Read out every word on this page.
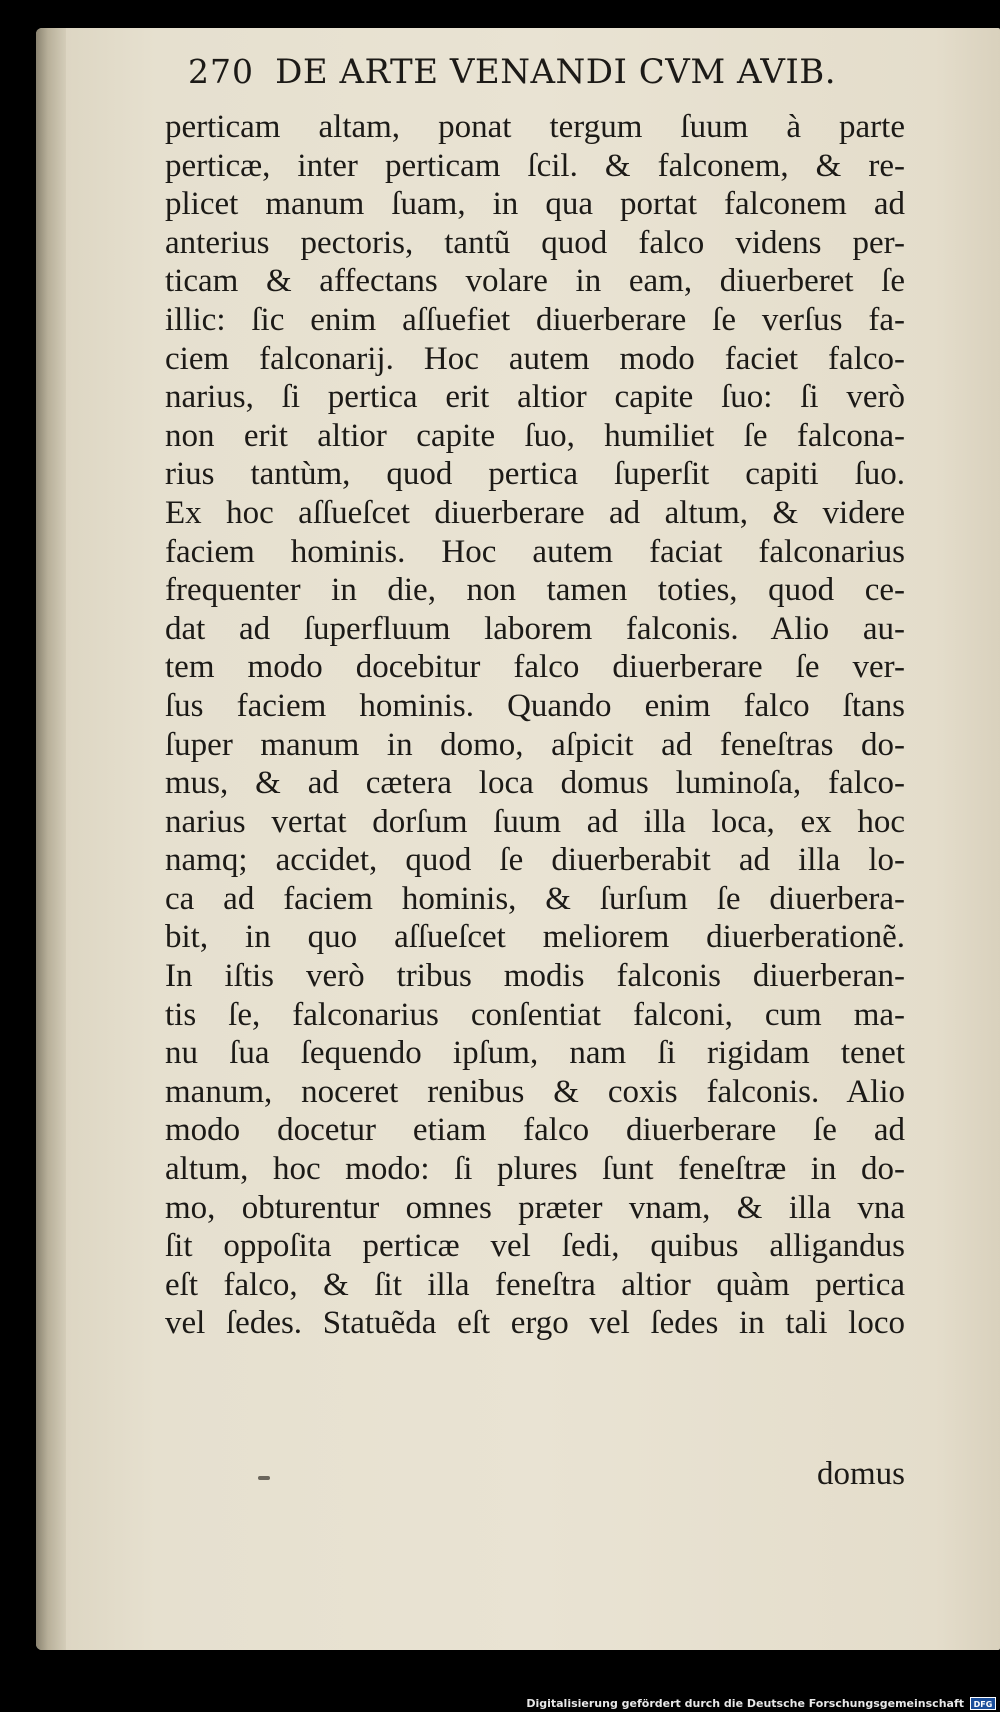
270 DE ARTE VENANDI CVM AVIB.
perticam altam, ponat tergum ſuum à parte
perticæ, inter perticam ſcil. & falconem, & re-
plicet manum ſuam, in qua portat falconem ad
anterius pectoris, tantũ quod falco videns per-
ticam & affectans volare in eam, diuerberet ſe
illic: ſic enim aſſuefiet diuerberare ſe verſus fa-
ciem falconarij. Hoc autem modo faciet falco-
narius, ſi pertica erit altior capite ſuo: ſi verò
non erit altior capite ſuo, humiliet ſe falcona-
rius tantùm, quod pertica ſuperſit capiti ſuo.
Ex hoc aſſueſcet diuerberare ad altum, & videre
faciem hominis. Hoc autem faciat falconarius
frequenter in die, non tamen toties, quod ce-
dat ad ſuperfluum laborem falconis. Alio au-
tem modo docebitur falco diuerberare ſe ver-
ſus faciem hominis. Quando enim falco ſtans
ſuper manum in domo, aſpicit ad feneſtras do-
mus, & ad cætera loca domus luminoſa, falco-
narius vertat dorſum ſuum ad illa loca, ex hoc
namq; accidet, quod ſe diuerberabit ad illa lo-
ca ad faciem hominis, & ſurſum ſe diuerbera-
bit, in quo aſſueſcet meliorem diuerberationẽ.
In iſtis verò tribus modis falconis diuerberan-
tis ſe, falconarius conſentiat falconi, cum ma-
nu ſua ſequendo ipſum, nam ſi rigidam tenet
manum, noceret renibus & coxis falconis. Alio
modo docetur etiam falco diuerberare ſe ad
altum, hoc modo: ſi plures ſunt feneſtræ in do-
mo, obturentur omnes præter vnam, & illa vna
ſit oppoſita perticæ vel ſedi, quibus alligandus
eſt falco, & ſit illa feneſtra altior quàm pertica
vel ſedes. Statuẽda eſt ergo vel ſedes in tali loco
domus
Digitalisierung gefördert durch die Deutsche Forschungsgemeinschaft	DFG
